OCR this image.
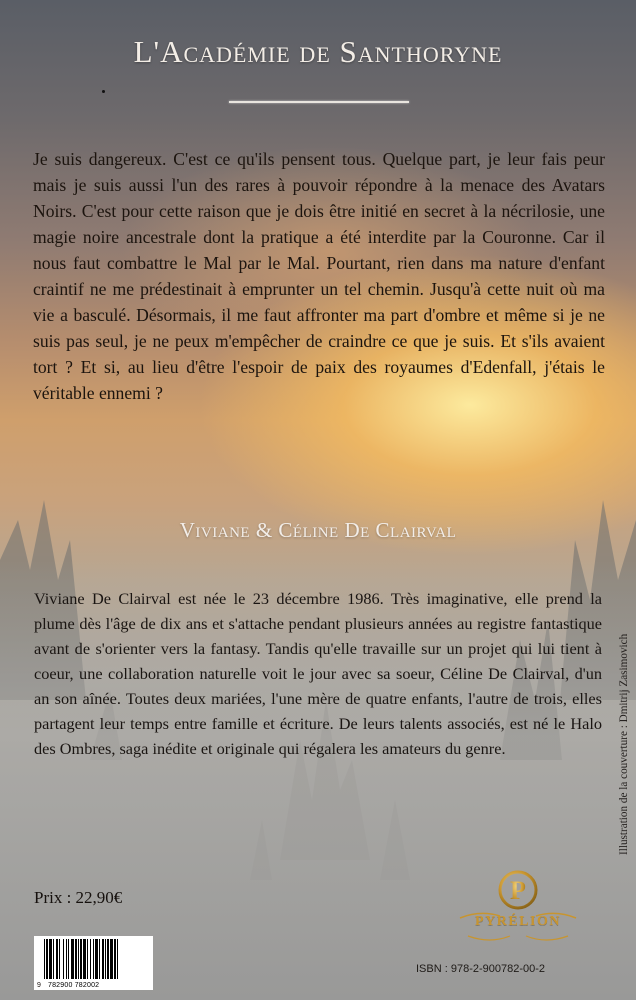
L'Académie de Santhoryne

Je suis dangereux. C'est ce qu'ils pensent tous. Quelque part, je leur fais peur mais je suis aussi l'un des rares à pouvoir répondre à la menace des Avatars Noirs. C'est pour cette raison que je dois être initié en secret à la nécrilosie, une magie noire ancestrale dont la pratique a été interdite par la Couronne. Car il nous faut combattre le Mal par le Mal. Pourtant, rien dans ma nature d'enfant craintif ne me prédestinait à emprunter un tel chemin. Jusqu'à cette nuit où ma vie a basculé. Désormais, il me faut affronter ma part d'ombre et même si je ne suis pas seul, je ne peux m'empêcher de craindre ce que je suis. Et s'ils avaient tort ? Et si, au lieu d'être l'espoir de paix des royaumes d'Edenfall, j'étais le véritable ennemi ?

Viviane & Céline De Clairval

Viviane De Clairval est née le 23 décembre 1986. Très imaginative, elle prend la plume dès l'âge de dix ans et s'attache pendant plusieurs années au registre fantastique avant de s'orienter vers la fantasy. Tandis qu'elle travaille sur un projet qui lui tient à coeur, une collaboration naturelle voit le jour avec sa soeur, Céline De Clairval, d'un an son aînée. Toutes deux mariées, l'une mère de quatre enfants, l'autre de trois, elles partagent leur temps entre famille et écriture. De leurs talents associés, est né le Halo des Ombres, saga inédite et originale qui régalera les amateurs du genre.	Illustration de la couverture : Dmitrij Zasimovich
Prix : 22,90€
9 782900 782002
ISBN : 978-2-900782-00-2
P
PYRÉLION
